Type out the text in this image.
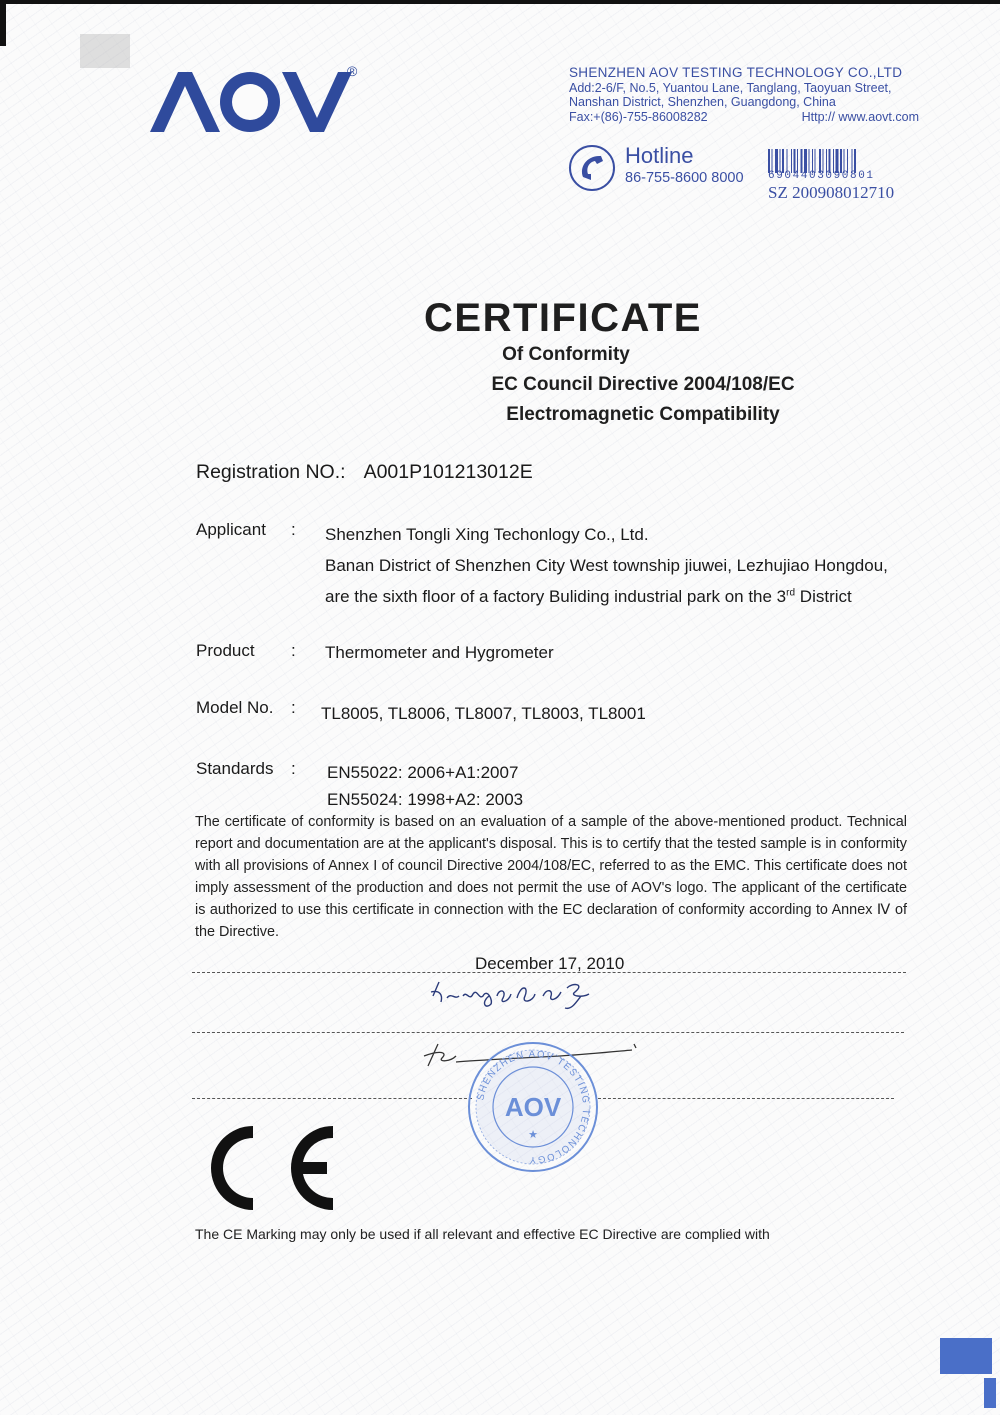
®	SHENZHEN AOV TESTING TECHNOLOGY CO.,LTD
Add:2-6/F, No.5, Yuantou Lane, Tanglang, Taoyuan Street,
Nanshan District, Shenzhen, Guangdong, China
Fax:+(86)-755-86008282	Http:// www.aovt.com
Hotline
86-755-8600 8000 6904403090801
SZ 200908012710
CERTIFICATE
Of Conformity
EC Council Directive 2004/108/EC
Electromagnetic Compatibility
Registration NO.: A001P101213012E
Applicant : Shenzhen Tongli Xing Techonlogy Co., Ltd.
Banan District of Shenzhen City West township jiuwei, Lezhujiao Hongdou,
are the sixth floor of a factory Buliding industrial park on the 3rd District
Product : Thermometer and Hygrometer
Model No. : TL8005, TL8006, TL8007, TL8003, TL8001
Standards : EN55022: 2006+A1:2007
EN55024: 1998+A2: 2003
The certificate of conformity is based on an evaluation of a sample of the above-mentioned product. Technical report and documentation are at the applicant's disposal. This is to certify that the tested sample is in conformity with all provisions of Annex I of council Directive 2004/108/EC, referred to as the EMC. This certificate does not imply assessment of the production and does not permit the use of AOV's logo. The applicant of the certificate is authorized to use this certificate in connection with the EC declaration of conformity according to Annex Ⅳ of the Directive.
December 17, 2010
SHENZHEN AOV TESTING TECHNOLOGY
AOV
★
The CE Marking may only be used if all relevant and effective EC Directive are complied with
